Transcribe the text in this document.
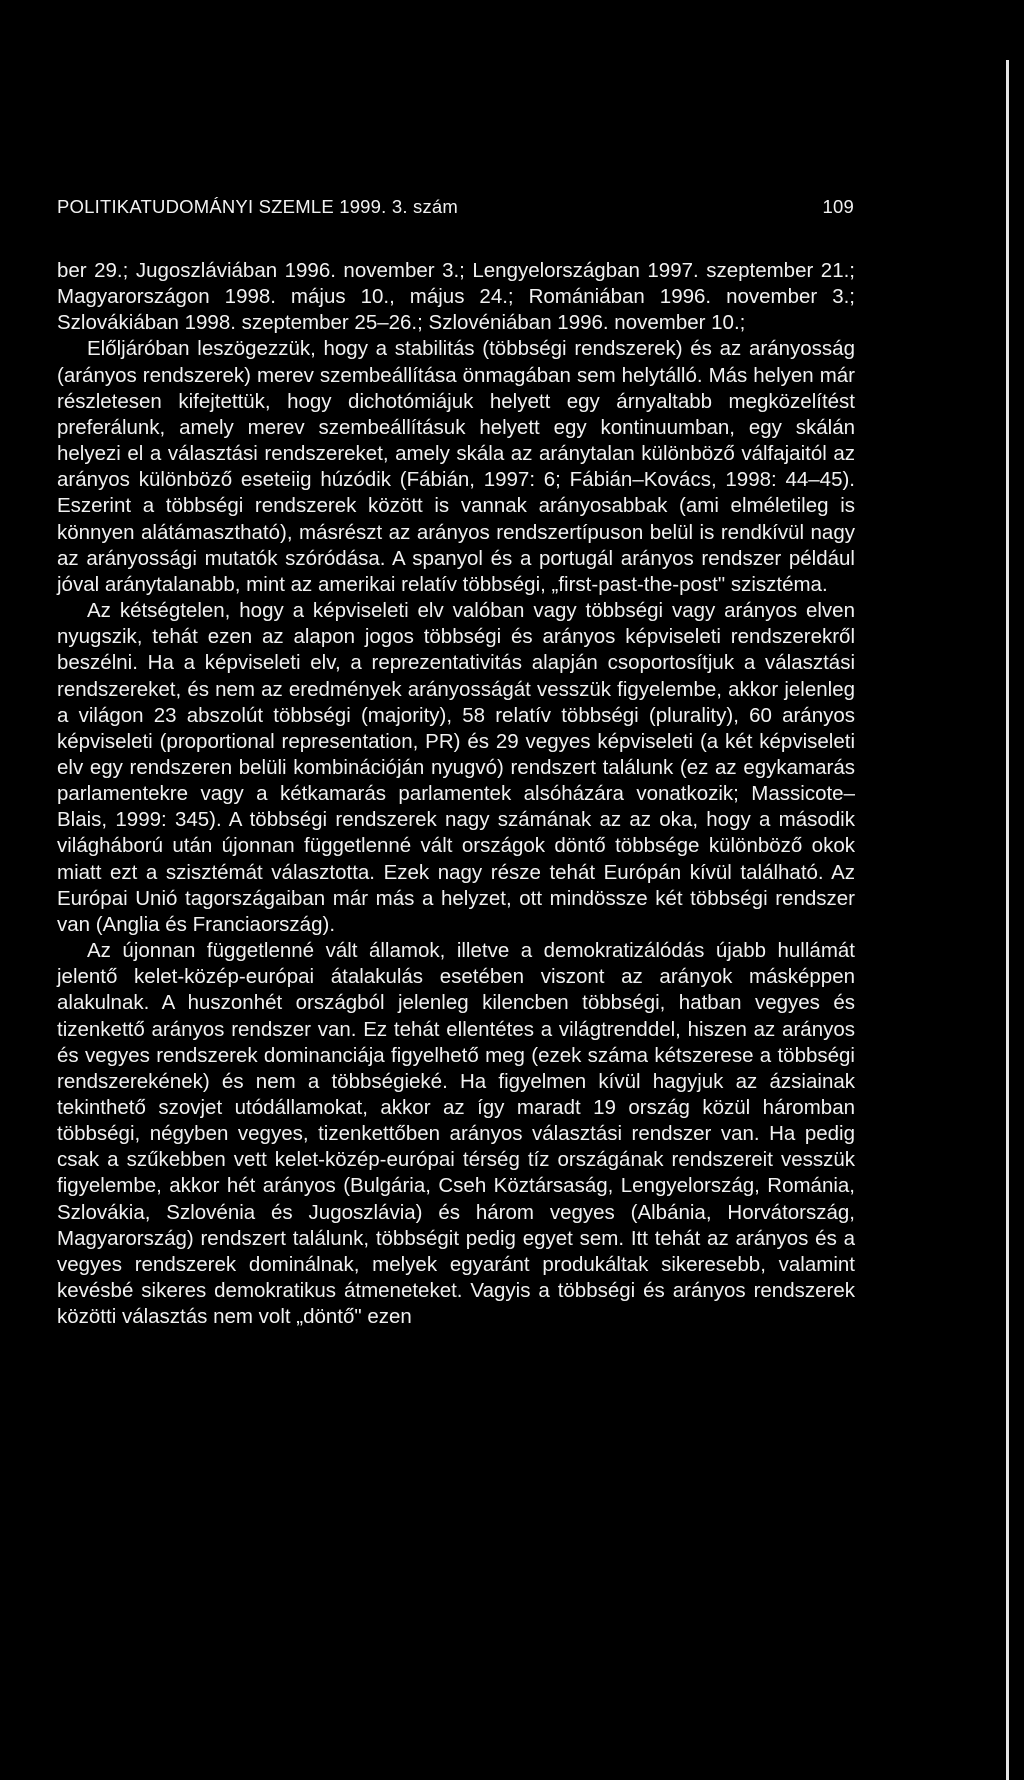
POLITIKATUDOMÁNYI SZEMLE 1999. 3. szám	109

ber 29.; Jugoszláviában 1996. november 3.; Lengyelországban 1997. szeptember 21.; Magyarországon 1998. május 10., május 24.; Romániában 1996. november 3.; Szlovákiában 1998. szeptember 25–26.; Szlovéniában 1996. november 10.;

Előljáróban leszögezzük, hogy a stabilitás (többségi rendszerek) és az arányosság (arányos rendszerek) merev szembeállítása önmagában sem helytálló. Más helyen már részletesen kifejtettük, hogy dichotómiájuk helyett egy árnyaltabb megközelítést preferálunk, amely merev szembeállításuk helyett egy kontinuumban, egy skálán helyezi el a választási rendszereket, amely skála az aránytalan különböző válfajaitól az arányos különböző eseteiig húzódik (Fábián, 1997: 6; Fábián–Kovács, 1998: 44–45). Eszerint a többségi rendszerek között is vannak arányosabbak (ami elméletileg is könnyen alátámasztható), másrészt az arányos rendszertípuson belül is rendkívül nagy az arányossági mutatók szóródása. A spanyol és a portugál arányos rendszer például jóval aránytalanabb, mint az amerikai relatív többségi, „first-past-the-post" szisztéma.

Az kétségtelen, hogy a képviseleti elv valóban vagy többségi vagy arányos elven nyugszik, tehát ezen az alapon jogos többségi és arányos képviseleti rendszerekről beszélni. Ha a képviseleti elv, a reprezentativitás alapján csoportosítjuk a választási rendszereket, és nem az eredmények arányosságát vesszük figyelembe, akkor jelenleg a világon 23 abszolút többségi (majority), 58 relatív többségi (plurality), 60 arányos képviseleti (proportional representation, PR) és 29 vegyes képviseleti (a két képviseleti elv egy rendszeren belüli kombinációján nyugvó) rendszert találunk (ez az egykamarás parlamentekre vagy a kétkamarás parlamentek alsóházára vonatkozik; Massicote–Blais, 1999: 345). A többségi rendszerek nagy számának az az oka, hogy a második világháború után újonnan függetlenné vált országok döntő többsége különböző okok miatt ezt a szisztémát választotta. Ezek nagy része tehát Európán kívül található. Az Európai Unió tagországaiban már más a helyzet, ott mindössze két többségi rendszer van (Anglia és Franciaország).

Az újonnan függetlenné vált államok, illetve a demokratizálódás újabb hullámát jelentő kelet-közép-európai átalakulás esetében viszont az arányok másképpen alakulnak. A huszonhét országból jelenleg kilencben többségi, hatban vegyes és tizenkettő arányos rendszer van. Ez tehát ellentétes a világtrenddel, hiszen az arányos és vegyes rendszerek dominanciája figyelhető meg (ezek száma kétszerese a többségi rendszerekének) és nem a többségieké. Ha figyelmen kívül hagyjuk az ázsiainak tekinthető szovjet utódállamokat, akkor az így maradt 19 ország közül háromban többségi, négyben vegyes, tizenkettőben arányos választási rendszer van. Ha pedig csak a szűkebben vett kelet-közép-európai térség tíz országának rendszereit vesszük figyelembe, akkor hét arányos (Bulgária, Cseh Köztársaság, Lengyelország, Románia, Szlovákia, Szlovénia és Jugoszlávia) és három vegyes (Albánia, Horvátország, Magyarország) rendszert találunk, többségit pedig egyet sem. Itt tehát az arányos és a vegyes rendszerek dominálnak, melyek egyaránt produkáltak sikeresebb, valamint kevésbé sikeres demokratikus átmeneteket. Vagyis a többségi és arányos rendszerek közötti választás nem volt „döntő" ezen
